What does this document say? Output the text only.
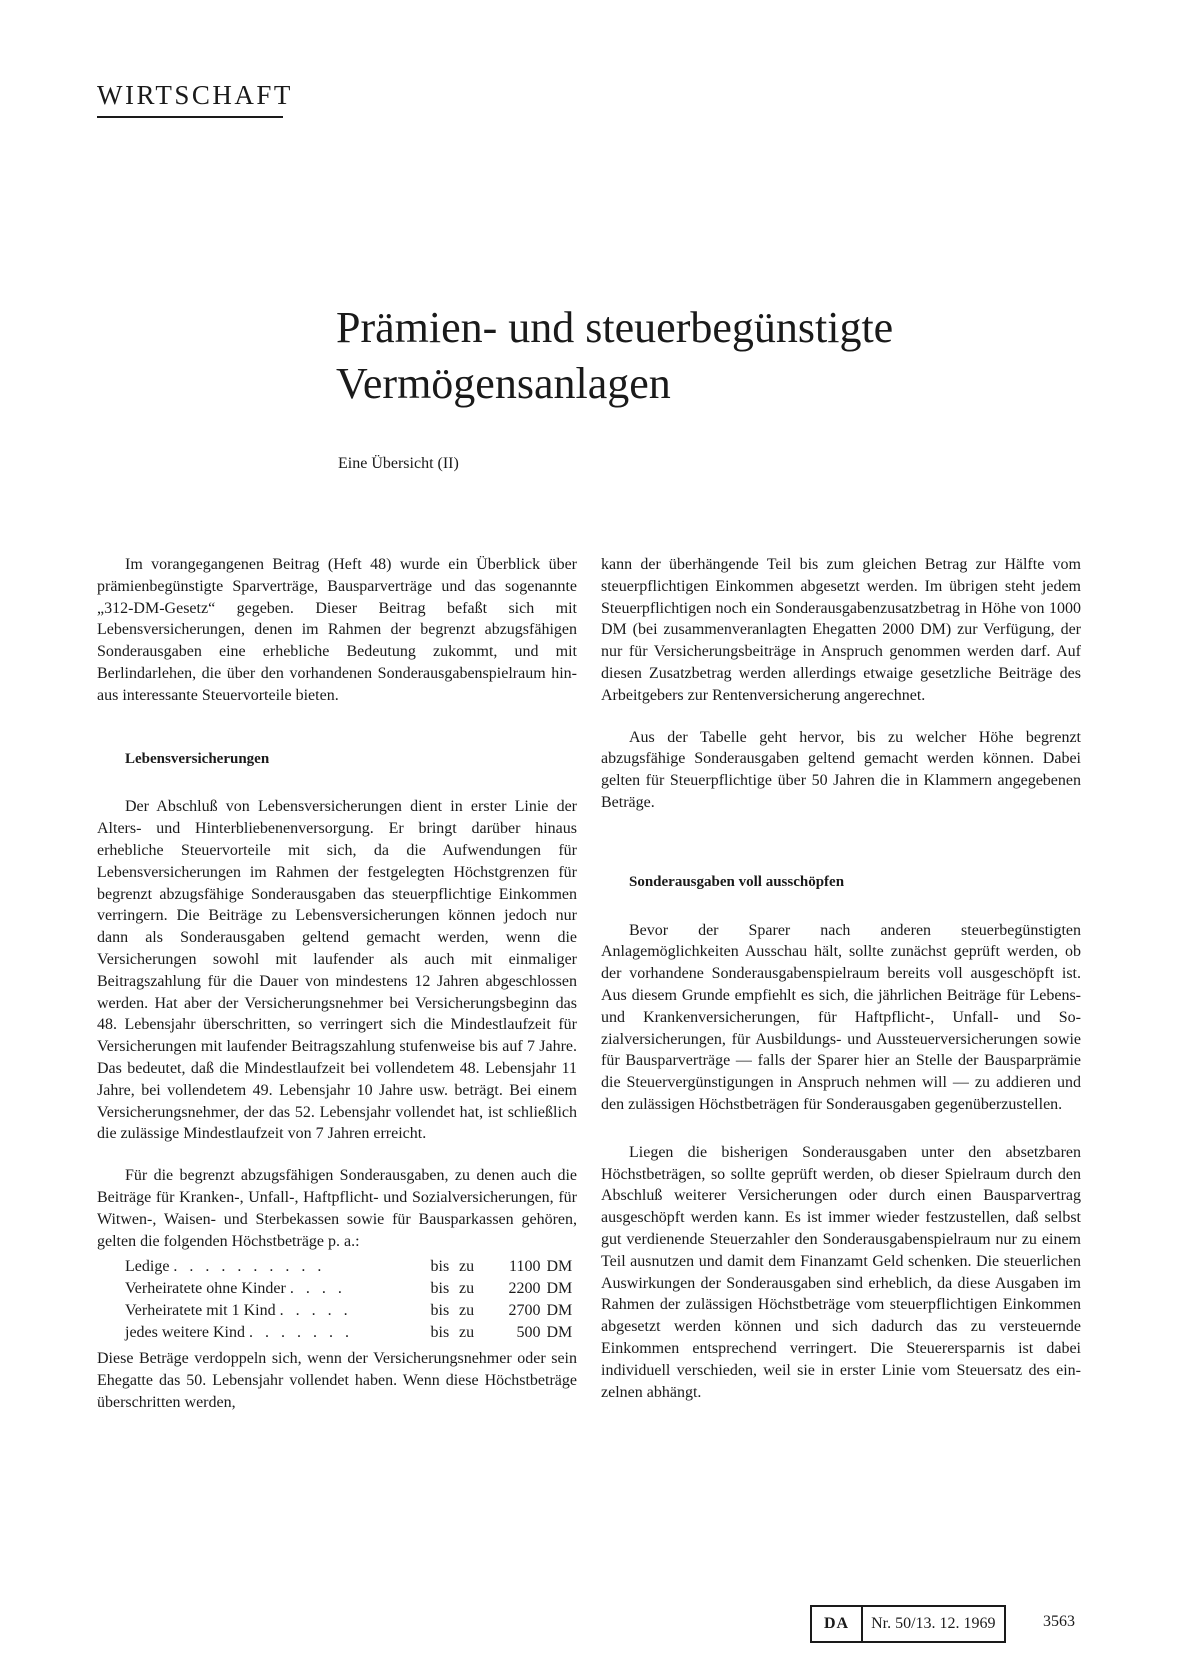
WIRTSCHAFT
Prämien- und steuerbegünstigte
Vermögensanlagen
Eine Übersicht (II)

Im vorangegangenen Beitrag (Heft 48) wurde ein Überblick über prämienbegünstigte Sparverträge, Bausparverträge und das sogenannte „312-DM-Gesetz“ gegeben. Dieser Beitrag befaßt sich mit Lebensversicherungen, denen im Rahmen der begrenzt abzugsfähigen Sonderausgaben eine erhebliche Bedeutung zukommt, und mit Berlindarlehen, die über den vorhandenen Sonderausgabenspielraum hinaus interessante Steuervorteile bieten.

Lebensversicherungen

Der Abschluß von Lebensversicherungen dient in erster Linie der Alters- und Hinterbliebenenversorgung. Er bringt darüber hinaus erhebliche Steuervorteile mit sich, da die Aufwendungen für Lebensversicherungen im Rahmen der festgelegten Höchstgrenzen für begrenzt abzugsfähige Sonderausgaben das steuerpflichtige Einkommen verringern. Die Beiträge zu Lebensversicherungen können jedoch nur dann als Sonderausgaben geltend gemacht werden, wenn die Versicherungen sowohl mit laufender als auch mit einmaliger Beitragszahlung für die Dauer von mindestens 12 Jahren abgeschlossen werden. Hat aber der Versicherungsnehmer bei Versicherungsbeginn das 48. Lebensjahr überschritten, so verringert sich die Mindestlaufzeit für Versicherungen mit laufender Beitragszahlung stufenweise bis auf 7 Jahre. Das bedeutet, daß die Mindestlaufzeit bei vollendetem 48. Lebensjahr 11 Jahre, bei vollendetem 49. Lebensjahr 10 Jahre usw. beträgt. Bei einem Versicherungsnehmer, der das 52. Lebensjahr vollendet hat, ist schließlich die zulässige Mindestlaufzeit von 7 Jahren erreicht.

Für die begrenzt abzugsfähigen Sonderausgaben, zu denen auch die Beiträge für Kranken-, Unfall-, Haftpflicht- und Sozialversicherungen, für Witwen-, Waisen- und Sterbekassen sowie für Bausparkassen gehören, gelten die folgenden Höchstbeträge p. a.:

Ledige . . . . . . . . . .	bis	zu	1100	DM
Verheiratete ohne Kinder . . . .	bis	zu	2200	DM
Verheiratete mit 1 Kind . . . . .	bis	zu	2700	DM
jedes weitere Kind . . . . . . .	bis	zu	500	DM

Diese Beträge verdoppeln sich, wenn der Versicherungsnehmer oder sein Ehegatte das 50. Lebensjahr vollendet haben. Wenn diese Höchstbeträge überschritten werden,

kann der überhängende Teil bis zum gleichen Betrag zur Hälfte vom steuerpflichtigen Einkommen abgesetzt werden. Im übrigen steht jedem Steuerpflichtigen noch ein Sonderausgabenzusatzbetrag in Höhe von 1000 DM (bei zusammenveranlagten Ehegatten 2000 DM) zur Verfügung, der nur für Versicherungsbeiträge in Anspruch genommen werden darf. Auf diesen Zusatzbetrag werden allerdings etwaige gesetzliche Beiträge des Arbeitgebers zur Rentenversicherung angerechnet.

Aus der Tabelle geht hervor, bis zu welcher Höhe begrenzt abzugsfähige Sonderausgaben geltend gemacht werden können. Dabei gelten für Steuerpflichtige über 50 Jahren die in Klammern angegebenen Beträge.

Sonderausgaben voll ausschöpfen

Bevor der Sparer nach anderen steuerbegünstigten Anlagemöglichkeiten Ausschau hält, sollte zunächst geprüft werden, ob der vorhandene Sonderausgabenspielraum bereits voll ausgeschöpft ist. Aus diesem Grunde empfiehlt es sich, die jährlichen Beiträge für Lebens- und Krankenversicherungen, für Haftpflicht-, Unfall- und Sozialversicherungen, für Ausbildungs- und Aussteuerversicherungen sowie für Bausparverträge — falls der Sparer hier an Stelle der Bausparprämie die Steuervergünstigungen in Anspruch nehmen will — zu addieren und den zulässigen Höchstbeträgen für Sonderausgaben gegenüberzustellen.

Liegen die bisherigen Sonderausgaben unter den absetzbaren Höchstbeträgen, so sollte geprüft werden, ob dieser Spielraum durch den Abschluß weiterer Versicherungen oder durch einen Bausparvertrag ausgeschöpft werden kann. Es ist immer wieder festzustellen, daß selbst gut verdienende Steuerzahler den Sonderausgabenspielraum nur zu einem Teil ausnutzen und damit dem Finanzamt Geld schenken. Die steuerlichen Auswirkungen der Sonderausgaben sind erheblich, da diese Ausgaben im Rahmen der zulässigen Höchstbeträge vom steuerpflichtigen Einkommen abgesetzt werden können und sich dadurch das zu versteuernde Einkommen entsprechend verringert. Die Steuerersparnis ist dabei individuell verschieden, weil sie in erster Linie vom Steuersatz des einzelnen abhängt.

DA	Nr. 50/13. 12. 1969	3563
